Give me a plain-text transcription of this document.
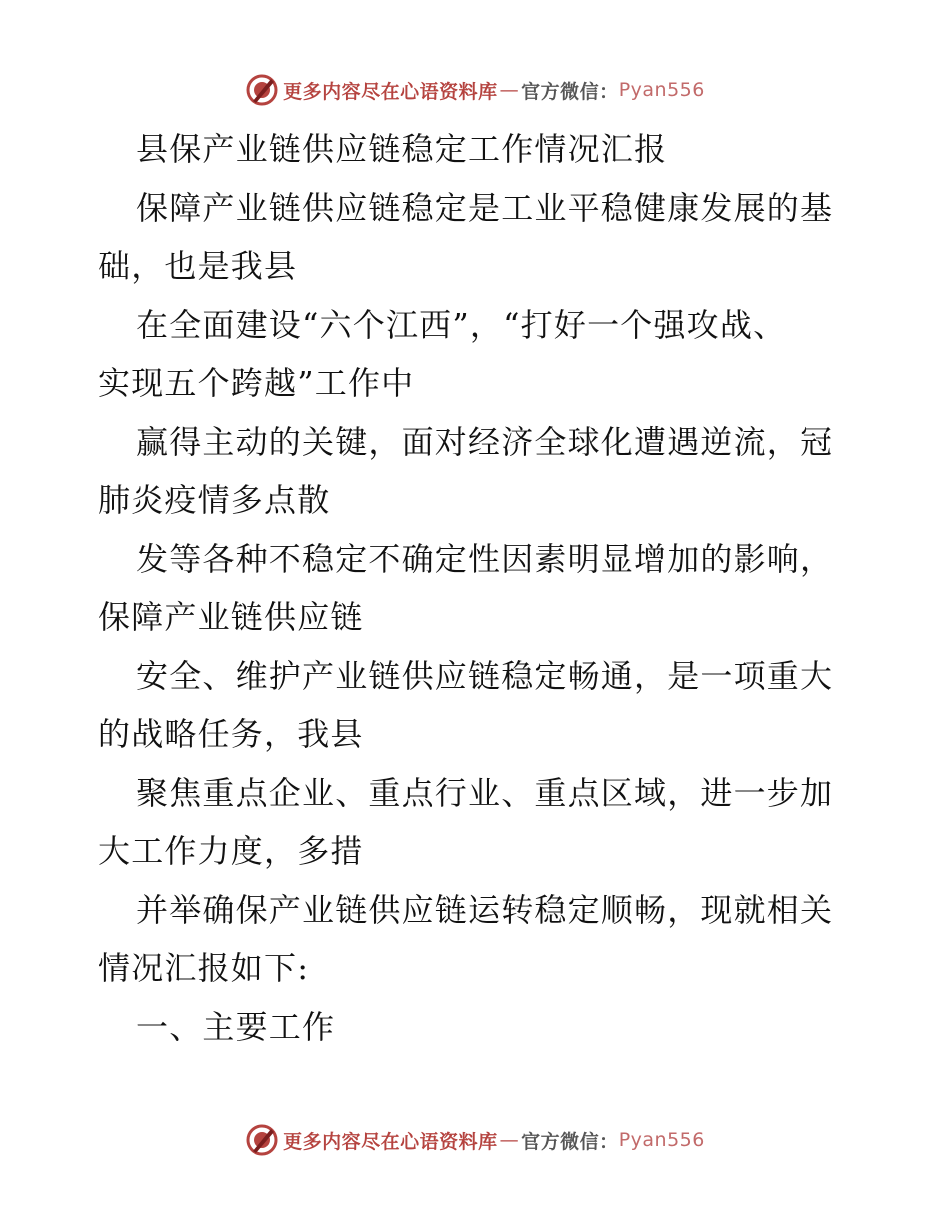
更多内容尽在心语资料库 — 官方微信： Pyan556
县保产业链供应链稳定工作情况汇报
保障产业链供应链稳定是工业平稳健康发展的基
础，也是我县
在全面建设“六个江西”，“打好一个强攻战、
实现五个跨越”工作中
赢得主动的关键，面对经济全球化遭遇逆流，冠
肺炎疫情多点散
发等各种不稳定不确定性因素明显增加的影响，
保障产业链供应链
安全、维护产业链供应链稳定畅通，是一项重大
的战略任务，我县
聚焦重点企业、重点行业、重点区域，进一步加
大工作力度，多措
并举确保产业链供应链运转稳定顺畅，现就相关
情况汇报如下:
一、主要工作
更多内容尽在心语资料库 — 官方微信： Pyan556
